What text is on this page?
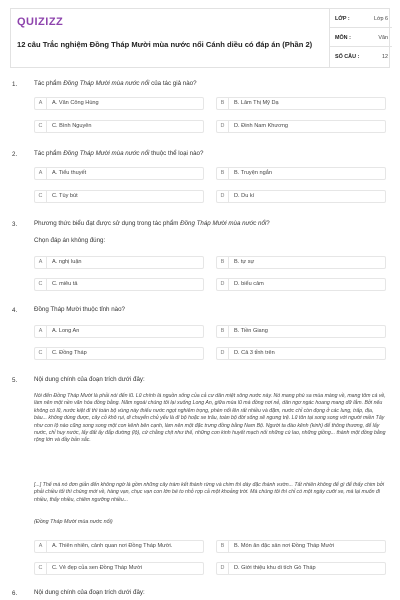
QUIZIZZ
12 câu Trắc nghiệm Đồng Tháp Mười mùa nước nổi Cánh diều có đáp án (Phần 2)
LỚP :	Lớp 6
MÔN :	Văn
SỐ CÂU :	12
1.	Tác phẩm Đồng Tháp Mười mùa nước nổi của tác giả nào?
A	A. Văn Công Hùng	B	B. Lâm Thị Mỹ Dạ
C	C. Bình Nguyên	D	D. Đinh Nam Khương
2.	Tác phẩm Đồng Tháp Mười mùa nước nổi thuộc thể loại nào?
A	A. Tiểu thuyết	B	B. Truyện ngắn
C	C. Tùy bút	D	D. Du kí
3.	Phương thức biểu đạt được sử dụng trong tác phẩm Đồng Tháp Mười mùa nước nổi?
Chọn đáp án không đúng:
A	A. nghị luận	B	B. tự sự
C	C. miêu tả	D	D. biểu cảm
4.	Đồng Tháp Mười thuộc tỉnh nào?
A	A. Long An	B	B. Tiền Giang
C	C. Đồng Tháp	D	D. Cả 3 tỉnh trên
5.	Nội dung chính của đoạn trích dưới đây:
Nói đến Đồng Tháp Mười là phải nói đến lũ. Lũ chính là nguồn sống của cả cư dân miệt sông nước này. Nó mang phù sa mùa màng về, mang tôm cá về, làm nên một nền văn hóa đồng bằng. Năm ngoái chúng tôi lại xuống Long An, giữa mùa lũ mà đồng nơi nẻ, dân ngơ ngác hoang mang dữ lắm. Bởi nếu không có lũ, nước kiệt đi thì toàn bộ vùng này thiếu nước ngọt nghiêm trọng, phèn nổi lên rất nhiều và đặm, nước chỉ còn đọng ở các lung, trấp, địa, bàu... không dùng được, cây cỏ khô rụi, di chuyển chủ yếu là đi bộ hoặc xe trâu, toàn bộ đời sống sẽ ngưng trệ. Lũ tôn tại song song với người miền Tây như con lộ nào cũng song song một con kênh bên cạnh, làm nên một đặc trưng đồng bằng Nam Bộ. Người ta đào kênh (kinh) để thông thương, để lấy nước, chỉ huy nước, lấy đất ấy đắp đường (lộ), cứ chằng chịt như thế, những con kinh huyết mạch nối những cù lao, những giồng... thành một đồng bằng rộng lớn và đầy bản sắc.
[...] Thế mà nó đơn giản đến không ngờ là gồm những cây tràm kết thành rừng và chim thì dày đặc thành vườn... Tất nhiên không để gì để thấy chim bởi phải chiều tối thì chúng mới về, hàng vạn, chục vạn con lớn bé to nhỏ rợp cả một khoảng trời. Mà chúng tôi thì chỉ có một ngày cưỡi xe, mà lại muốn đi nhiều, thấy nhiều, chiêm ngưỡng nhiều...
(Đồng Tháp Mười mùa nước nổi)
A	A. Thiên nhiên, cảnh quan nơi Đồng Tháp Mười.	B	B. Món ăn đặc sản nơi Đồng Tháp Mười
C	C. Vẻ đẹp của sen Đồng Tháp Mười	D	D. Giới thiệu khu di tích Gò Tháp
6.	Nội dung chính của đoạn trích dưới đây:
